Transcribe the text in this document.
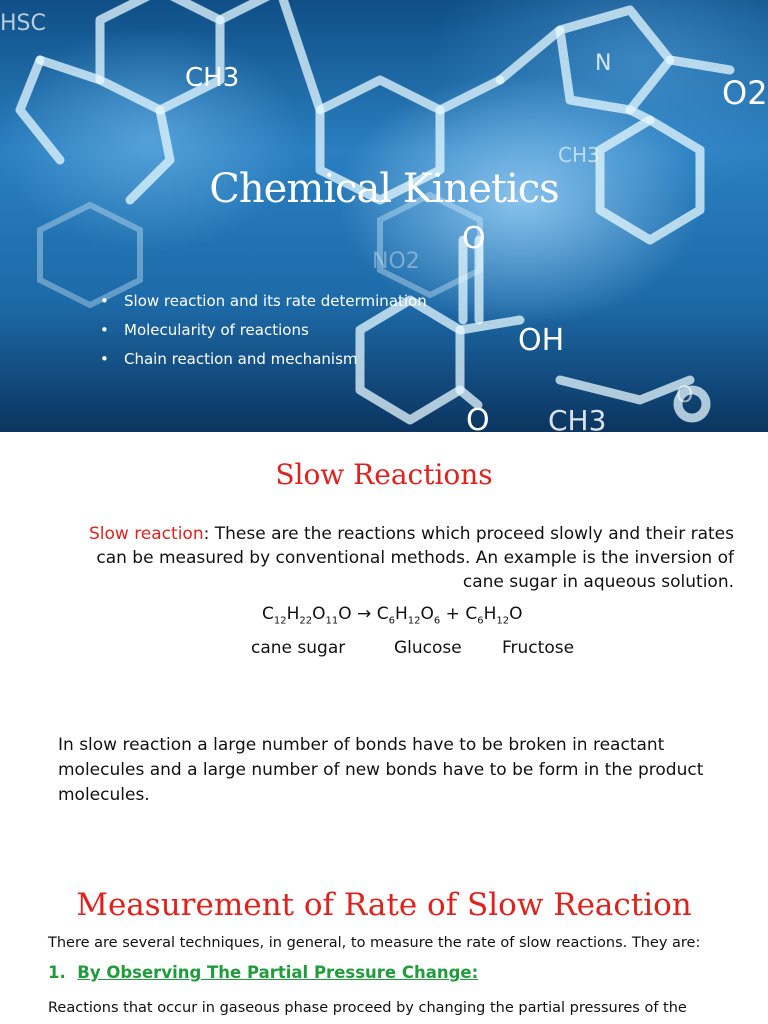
CH3	O2
OH
O
O CH3
CH3
N
HSC
NO2
O
Chemical Kinetics
• Slow reaction and its rate determination
• Molecularity of reactions
• Chain reaction and mechanism
Slow Reactions
Slow reaction: These are the reactions which proceed slowly and their rates can be measured by conventional methods. An example is the inversion of cane sugar in aqueous solution.
$C_{12}H_{22}O_{11}O \to C_6H_{12}O_6 + C_6H_{12}O$
cane sugar	Glucose Fructose
In slow reaction a large number of bonds have to be broken in reactant molecules and a large number of new bonds have to be form in the product molecules.
Measurement of Rate of Slow Reaction
There are several techniques, in general, to measure the rate of slow reactions. They are:
1. By Observing The Partial Pressure Change:
Reactions that occur in gaseous phase proceed by changing the partial pressures of the
